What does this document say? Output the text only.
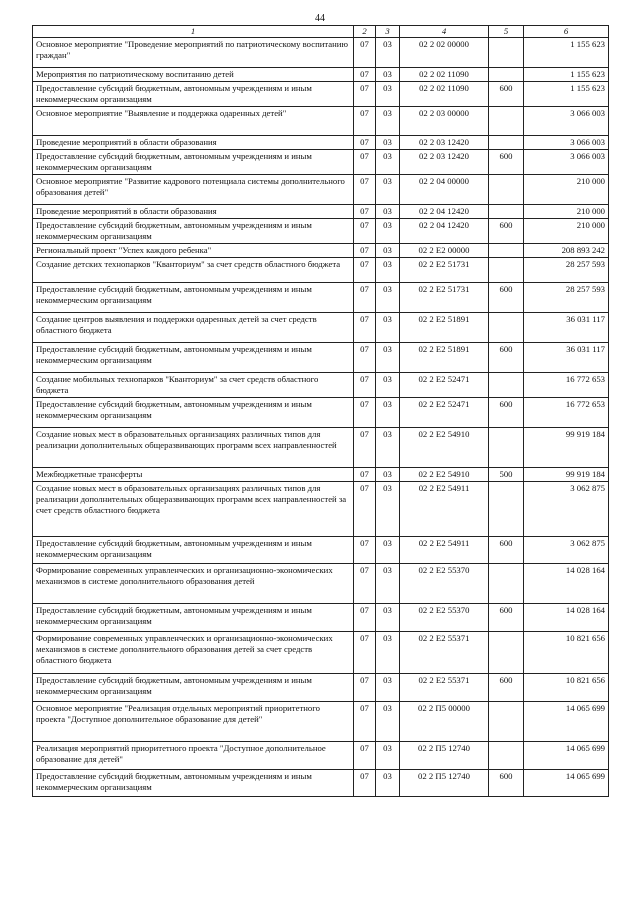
44
1	2	3	4	5	6
Основное мероприятие "Проведение мероприятий по патриотическому воспитанию граждан"	07	03	02 2 02 00000		1 155 623
Мероприятия по патриотическому воспитанию детей	07	03	02 2 02 11090		1 155 623
Предоставление субсидий бюджетным, автономным учреждениям и иным некоммерческим организациям	07	03	02 2 02 11090	600	1 155 623
Основное мероприятие "Выявление и поддержка одаренных детей"	07	03	02 2 03 00000		3 066 003
Проведение мероприятий в области образования	07	03	02 2 03 12420		3 066 003
Предоставление субсидий бюджетным, автономным учреждениям и иным некоммерческим организациям	07	03	02 2 03 12420	600	3 066 003
Основное мероприятие "Развитие кадрового потенциала системы дополнительного образования детей"	07	03	02 2 04 00000		210 000
Проведение мероприятий в области образования	07	03	02 2 04 12420		210 000
Предоставление субсидий бюджетным, автономным учреждениям и иным некоммерческим организациям	07	03	02 2 04 12420	600	210 000
Региональный проект "Успех каждого ребенка"	07	03	02 2 E2 00000		208 893 242
Создание детских технопарков "Кванториум" за счет средств областного бюджета	07	03	02 2 E2 51731		28 257 593
Предоставление субсидий бюджетным, автономным учреждениям и иным некоммерческим организациям	07	03	02 2 E2 51731	600	28 257 593
Создание центров выявления и поддержки одаренных детей за счет средств областного бюджета	07	03	02 2 E2 51891		36 031 117
Предоставление субсидий бюджетным, автономным учреждениям и иным некоммерческим организациям	07	03	02 2 E2 51891	600	36 031 117
Создание мобильных технопарков "Кванториум" за счет средств областного бюджета	07	03	02 2 E2 52471		16 772 653
Предоставление субсидий бюджетным, автономным учреждениям и иным некоммерческим организациям	07	03	02 2 E2 52471	600	16 772 653
Создание новых мест в образовательных организациях различных типов для реализации дополнительных общеразвивающих программ всех направленностей	07	03	02 2 E2 54910		99 919 184
Межбюджетные трансферты	07	03	02 2 E2 54910	500	99 919 184
Создание новых мест в образовательных организациях различных типов для реализации дополнительных общеразвивающих программ всех направленностей за счет средств областного бюджета	07	03	02 2 E2 54911		3 062 875
Предоставление субсидий бюджетным, автономным учреждениям и иным некоммерческим организациям	07	03	02 2 E2 54911	600	3 062 875
Формирование современных управленческих и организационно-экономических механизмов в системе дополнительного образования детей	07	03	02 2 E2 55370		14 028 164
Предоставление субсидий бюджетным, автономным учреждениям и иным некоммерческим организациям	07	03	02 2 E2 55370	600	14 028 164
Формирование современных управленческих и организационно-экономических механизмов в системе дополнительного образования детей за счет средств областного бюджета	07	03	02 2 E2 55371		10 821 656
Предоставление субсидий бюджетным, автономным учреждениям и иным некоммерческим организациям	07	03	02 2 E2 55371	600	10 821 656
Основное мероприятие "Реализация отдельных мероприятий приоритетного проекта "Доступное дополнительное образование для детей"	07	03	02 2 П5 00000		14 065 699
Реализация мероприятий приоритетного проекта "Доступное дополнительное образование для детей"	07	03	02 2 П5 12740		14 065 699
Предоставление субсидий бюджетным, автономным учреждениям и иным некоммерческим организациям	07	03	02 2 П5 12740	600	14 065 699
